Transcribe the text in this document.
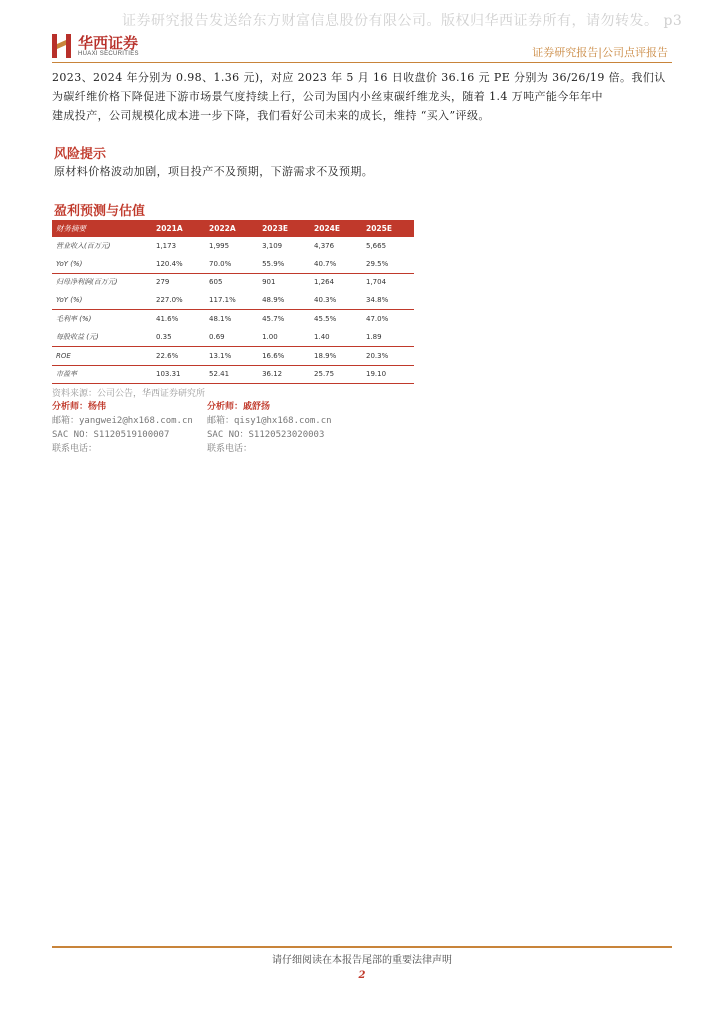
证券研究报告发送给东方财富信息股份有限公司。版权归华西证券所有，请勿转发。 p3
华西证券
HUAXI SECURITIES	证券研究报告|公司点评报告
2023、2024 年分别为 0.98、1.36 元)，对应 2023 年 5 月 16 日收盘价 36.16 元 PE 分别为 36/26/19 倍。我们认
为碳纤维价格下降促进下游市场景气度持续上行，公司为国内小丝束碳纤维龙头，随着 1.4 万吨产能今年年中
建成投产，公司规模化成本进一步下降，我们看好公司未来的成长，维持 “买入”评级。
风险提示
原材料价格波动加剧，项目投产不及预期，下游需求不及预期。
盈利预测与估值
财务摘要	2021A	2022A	2023E	2024E	2025E
营业收入(百万元)	1,173	1,995	3,109	4,376	5,665
YoY (%)	120.4%	70.0%	55.9%	40.7%	29.5%
归母净利润(百万元)	279	605	901	1,264	1,704
YoY (%)	227.0%	117.1%	48.9%	40.3%	34.8%
毛利率 (%)	41.6%	48.1%	45.7%	45.5%	47.0%
每股收益 (元)	0.35	0.69	1.00	1.40	1.89
ROE	22.6%	13.1%	16.6%	18.9%	20.3%
市盈率	103.31	52.41	36.12	25.75	19.10
资料来源：公司公告，华西证券研究所
分析师：杨伟
邮箱：yangwei2@hx168.com.cn
SAC NO：S1120519100007
联系电话：
分析师：戚舒扬
邮箱：qisy1@hx168.com.cn
SAC NO：S1120523020003
联系电话：
请仔细阅读在本报告尾部的重要法律声明
2
